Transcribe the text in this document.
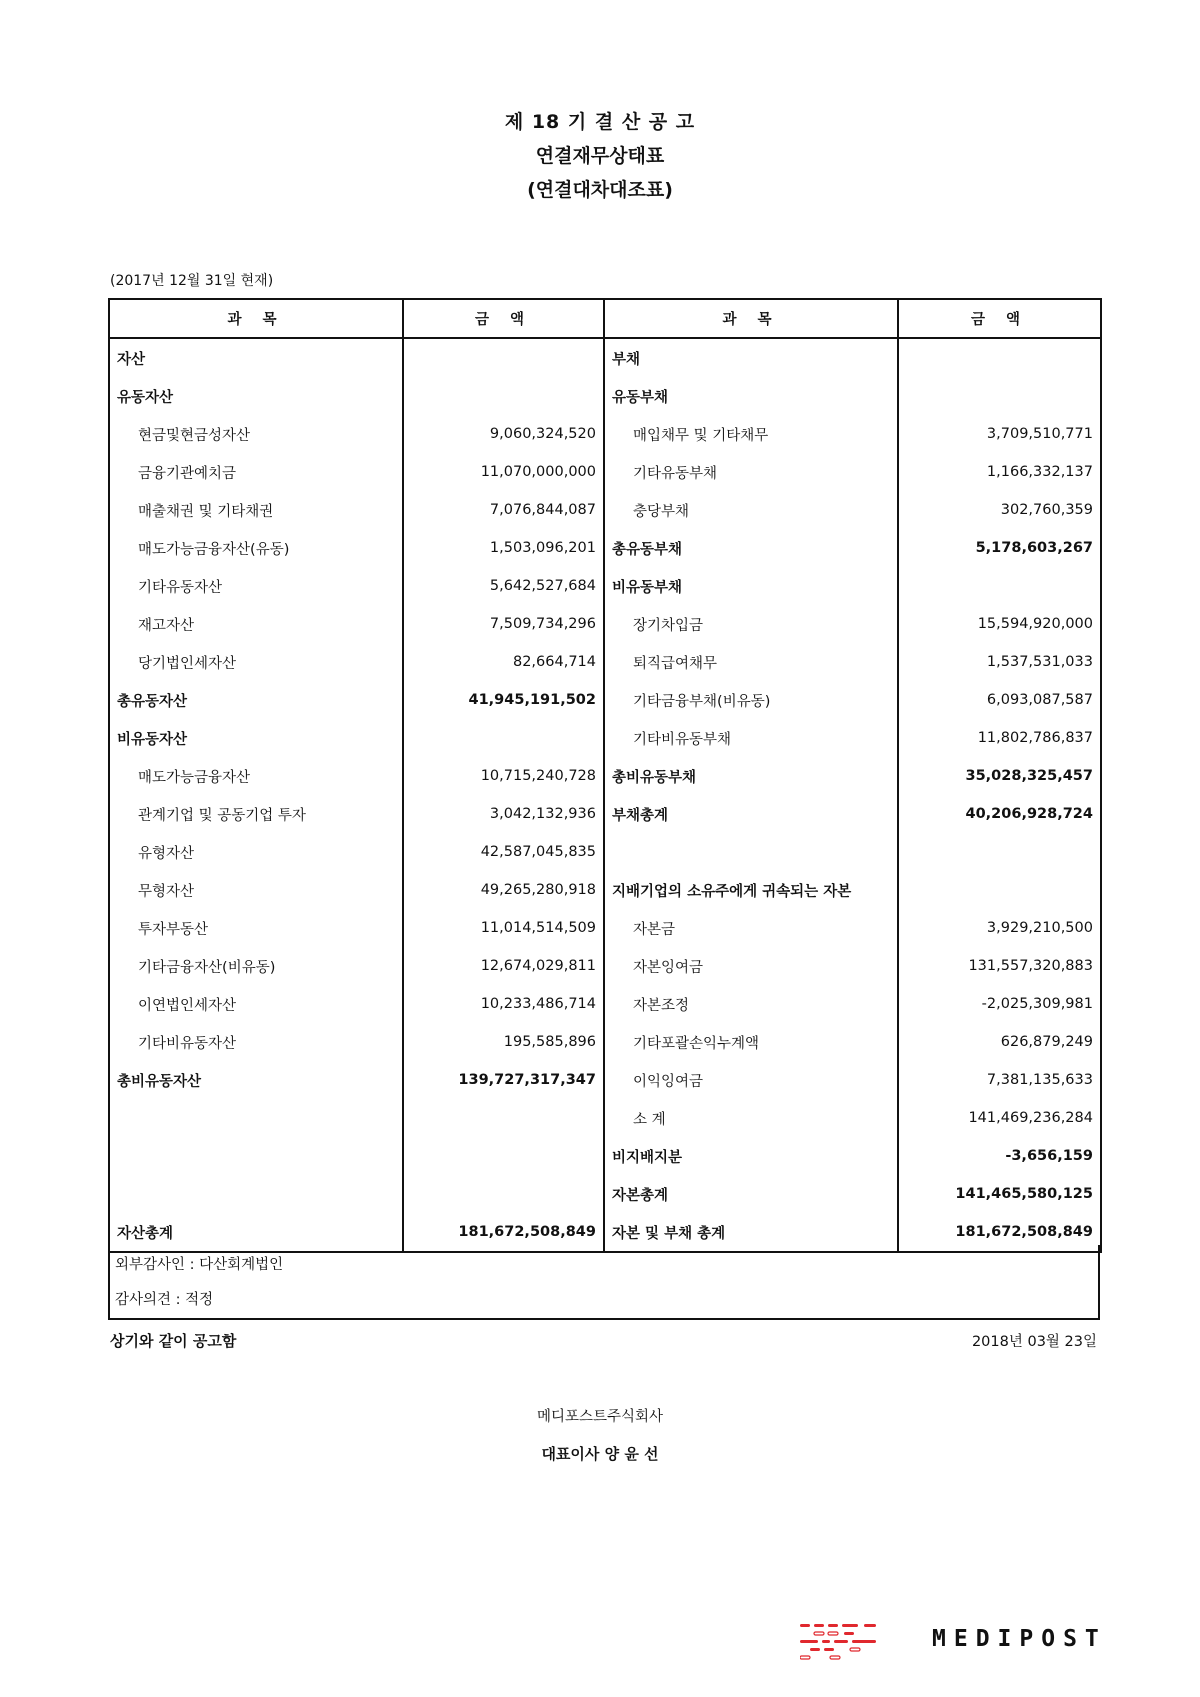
제 18 기 결 산 공 고
연결재무상태표
(연결대차대조표)
(2017년 12월 31일 현재)
과 목	금 액	과 목	금 액
자산		부채	
유동자산		유동부채	
현금및현금성자산	9,060,324,520	매입채무 및 기타채무	3,709,510,771
금융기관예치금	11,070,000,000	기타유동부채	1,166,332,137
매출채권 및 기타채권	7,076,844,087	충당부채	302,760,359
매도가능금융자산(유동)	1,503,096,201	총유동부채	5,178,603,267
기타유동자산	5,642,527,684	비유동부채	
재고자산	7,509,734,296	장기차입금	15,594,920,000
당기법인세자산	82,664,714	퇴직급여채무	1,537,531,033
총유동자산	41,945,191,502	기타금융부채(비유동)	6,093,087,587
비유동자산		기타비유동부채	11,802,786,837
매도가능금융자산	10,715,240,728	총비유동부채	35,028,325,457
관계기업 및 공동기업 투자	3,042,132,936	부채총계	40,206,928,724
유형자산	42,587,045,835		
무형자산	49,265,280,918	지배기업의 소유주에게 귀속되는 자본	
투자부동산	11,014,514,509	자본금	3,929,210,500
기타금융자산(비유동)	12,674,029,811	자본잉여금	131,557,320,883
이연법인세자산	10,233,486,714	자본조정	-2,025,309,981
기타비유동자산	195,585,896	기타포괄손익누계액	626,879,249
총비유동자산	139,727,317,347	이익잉여금	7,381,135,633
		소 계	141,469,236,284
		비지배지분	-3,656,159
		자본총계	141,465,580,125
자산총계	181,672,508,849	자본 및 부채 총계	181,672,508,849
외부감사인 : 다산회계법인
감사의견 : 적정
상기와 같이 공고함	2018년 03월 23일
메디포스트주식회사
대표이사 양 윤 선
MEDIPOST
